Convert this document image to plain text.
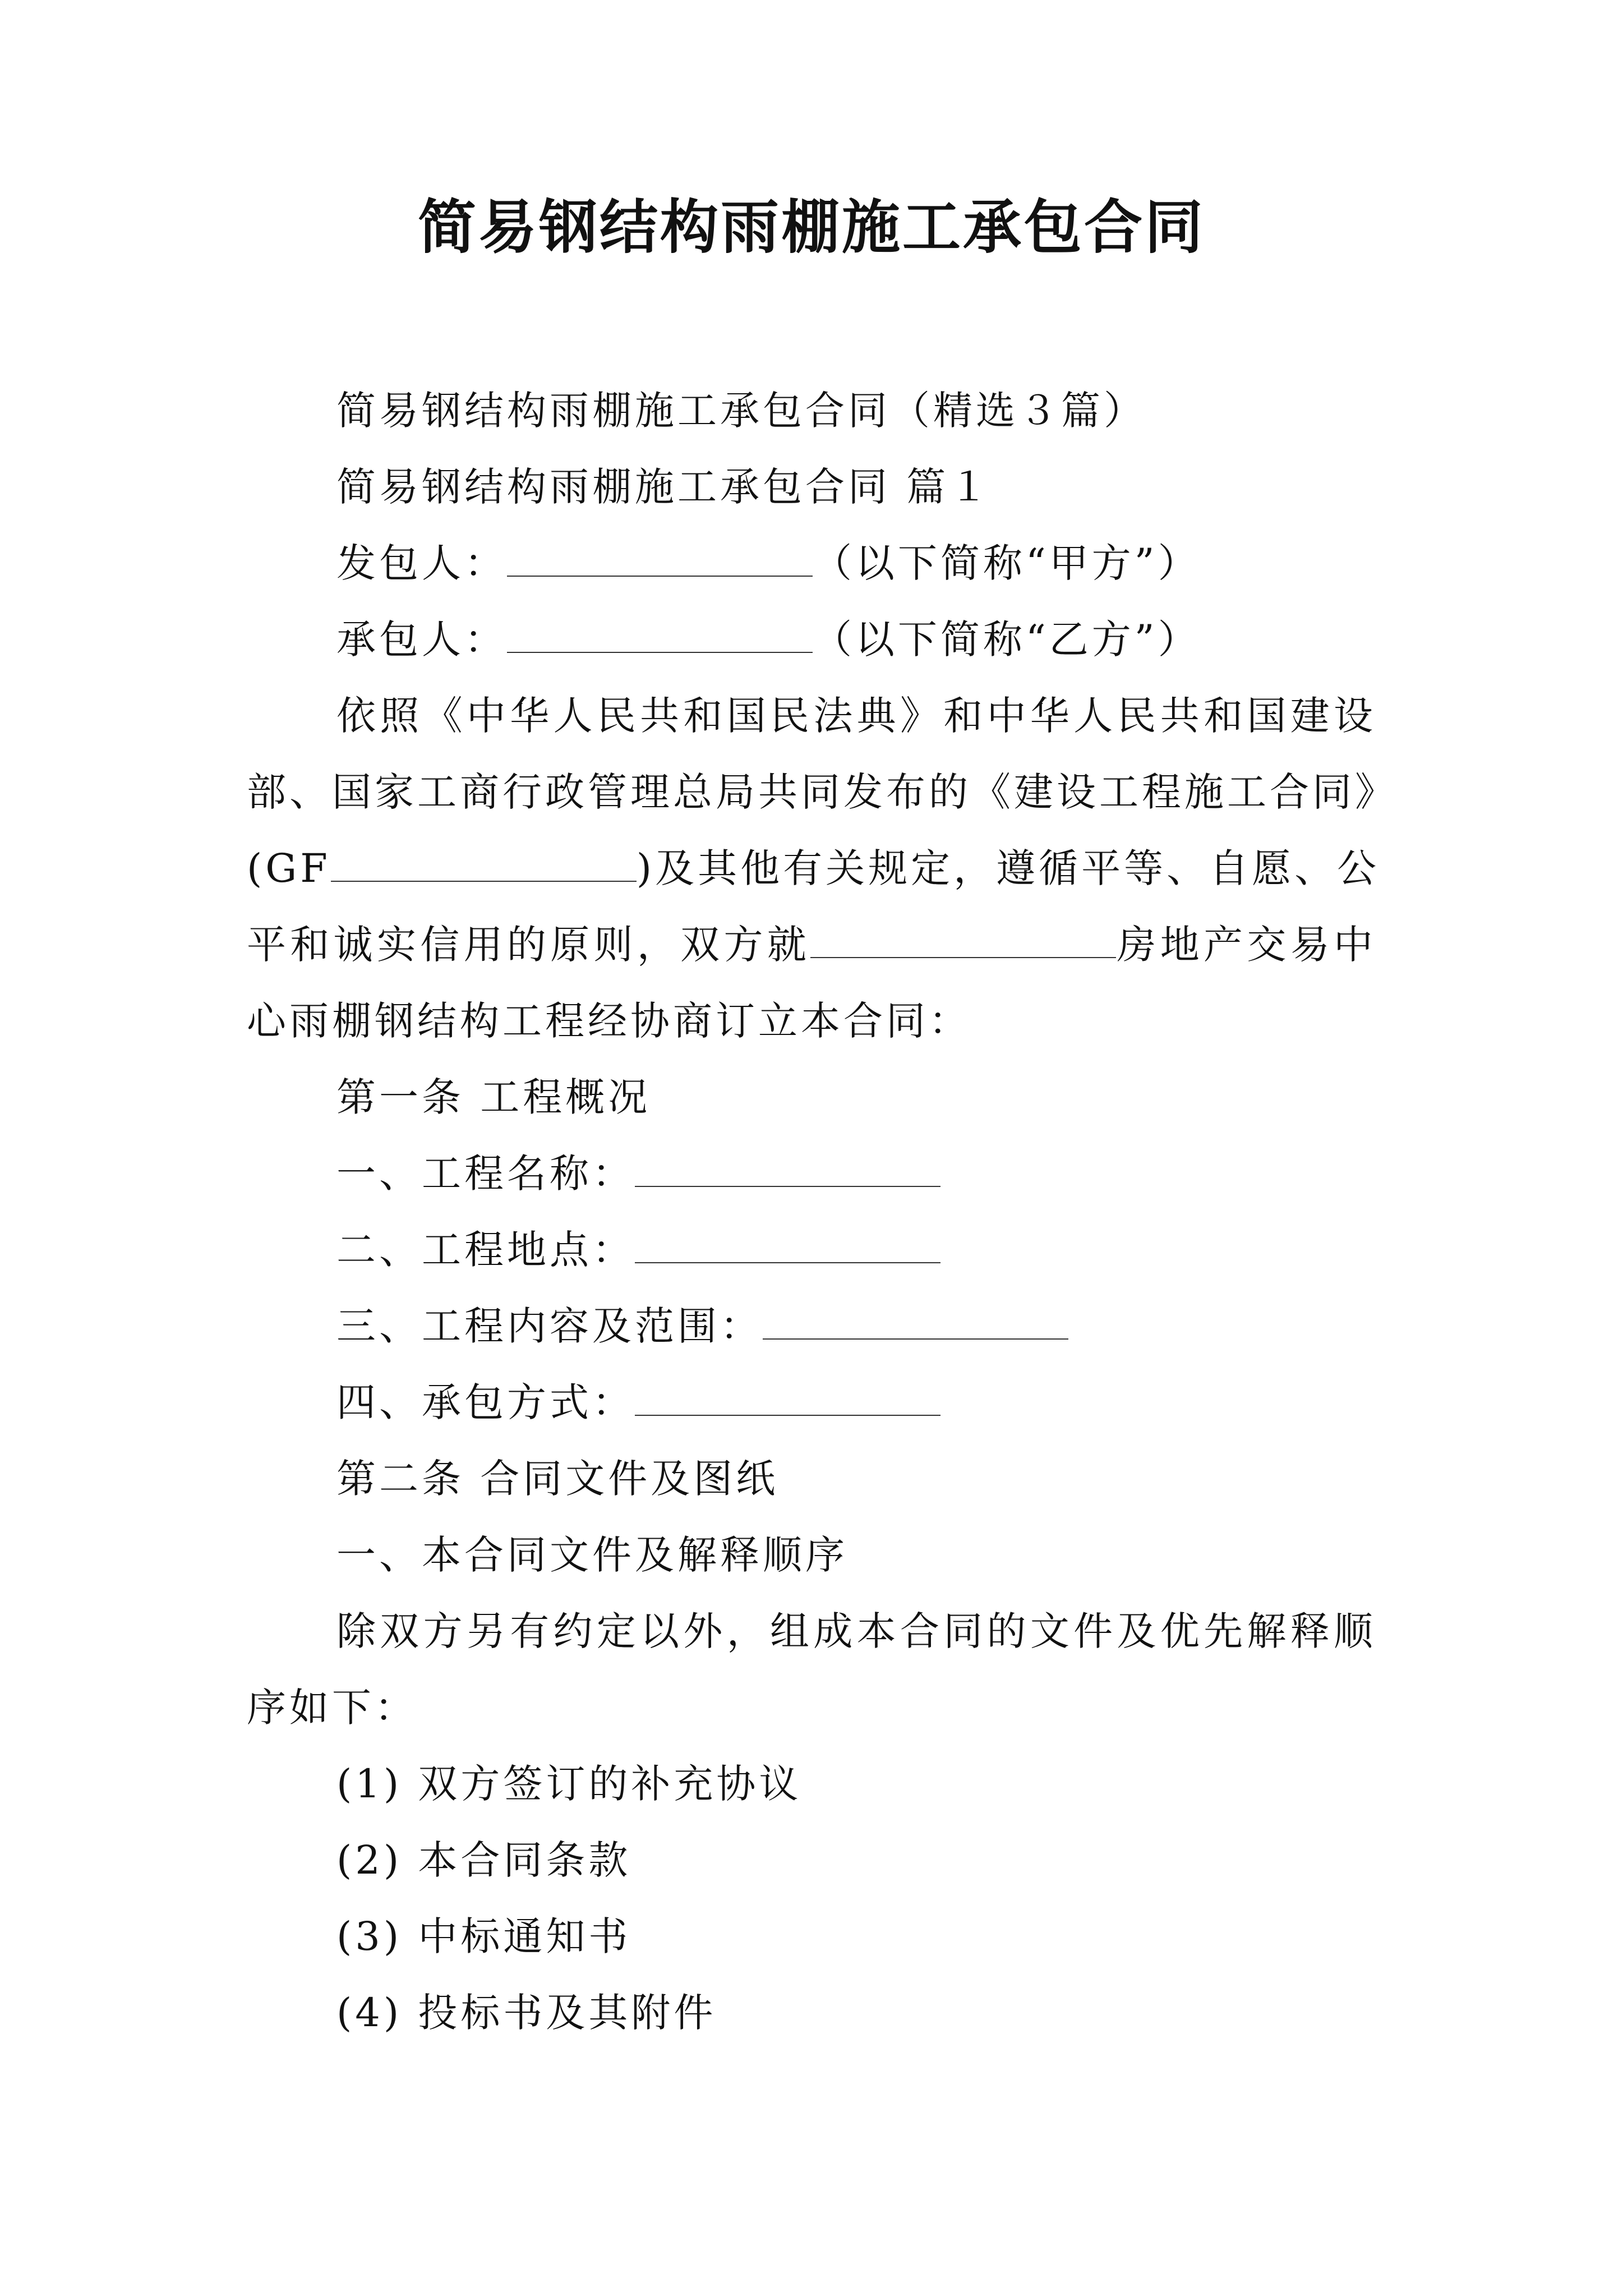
简易钢结构雨棚施工承包合同
简易钢结构雨棚施工承包合同（精选３篇）
简易钢结构雨棚施工承包合同 篇１
发包人：	（以下简称“甲方”）
承包人：	（以下简称“乙方”）
依照《中华人民共和国民法典》和中华人民共和国建设
部、国家工商行政管理总局共同发布的《建设工程施工合同》
(GF	)及其他有关规定，遵循平等、自愿、公
平和诚实信用的原则，双方就	房地产交易中
心雨棚钢结构工程经协商订立本合同：
第一条 工程概况
一、工程名称：
二、工程地点：
三、工程内容及范围：
四、承包方式：
第二条 合同文件及图纸
一、本合同文件及解释顺序
除双方另有约定以外，组成本合同的文件及优先解释顺
序如下：
(1) 双方签订的补充协议
(2) 本合同条款
(3) 中标通知书
(4) 投标书及其附件
